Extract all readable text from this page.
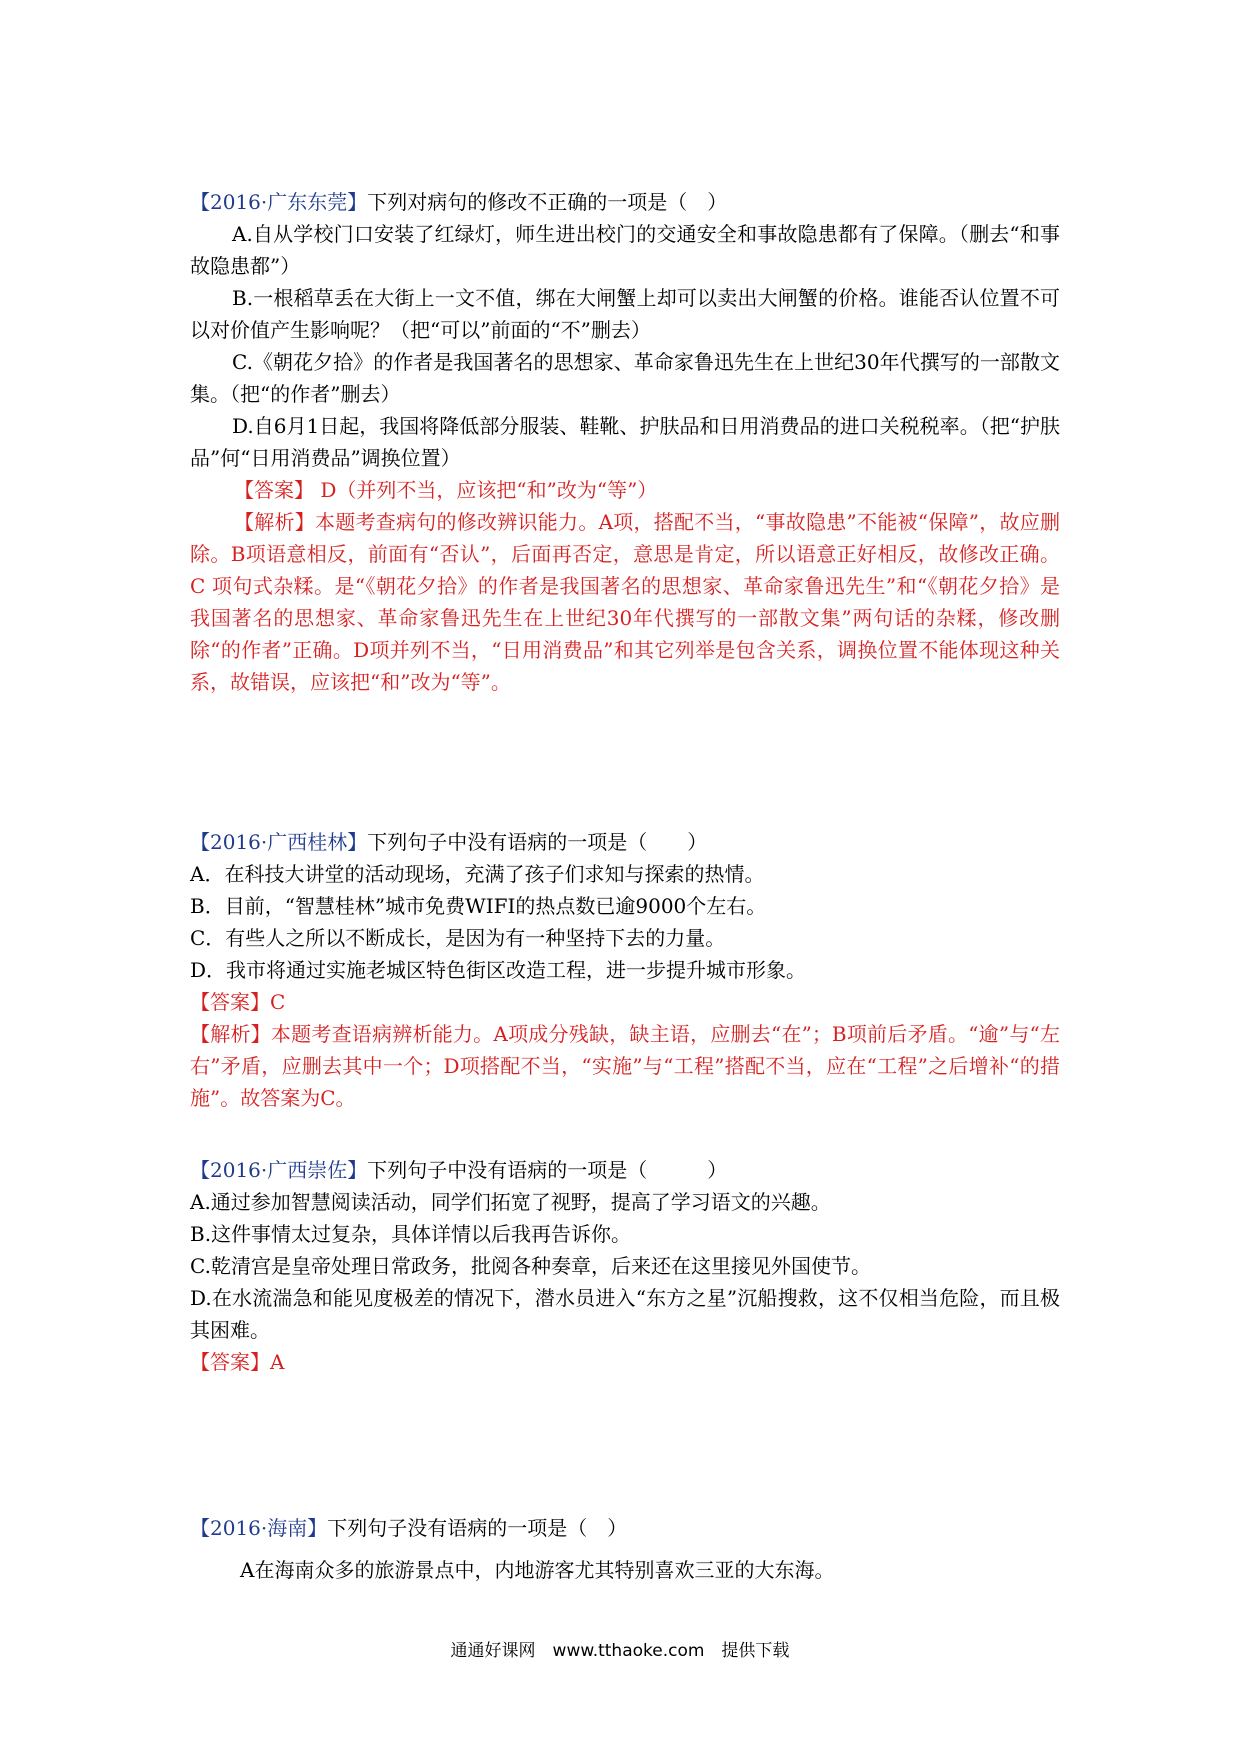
【2016·广东东莞】下列对病句的修改不正确的一项是（　）

A.自从学校门口安装了红绿灯，师生进出校门的交通安全和事故隐患都有了保障。（删去“和事故隐患都”）

B.一根稻草丢在大街上一文不值，绑在大闸蟹上却可以卖出大闸蟹的价格。谁能否认位置不可以对价值产生影响呢？（把“可以”前面的“不”删去）

C.《朝花夕拾》的作者是我国著名的思想家、革命家鲁迅先生在上世纪30年代撰写的一部散文集。（把“的作者”删去）

D.自6月1日起，我国将降低部分服装、鞋靴、护肤品和日用消费品的进口关税税率。（把“护肤品”何“日用消费品”调换位置）

【答案】 D（并列不当，应该把“和”改为“等”）

【解析】本题考查病句的修改辨识能力。A项，搭配不当，“事故隐患”不能被“保障”，故应删除。B项语意相反，前面有“否认”，后面再否定，意思是肯定，所以语意正好相反，故修改正确。C 项句式杂糅。是“《朝花夕拾》的作者是我国著名的思想家、革命家鲁迅先生”和“《朝花夕拾》是我国著名的思想家、革命家鲁迅先生在上世纪30年代撰写的一部散文集”两句话的杂糅，修改删除“的作者”正确。D项并列不当，“日用消费品”和其它列举是包含关系，调换位置不能体现这种关系，故错误，应该把“和”改为“等”。

【2016·广西桂林】下列句子中没有语病的一项是（　　）

A．在科技大讲堂的活动现场，充满了孩子们求知与探索的热情。

B．目前，“智慧桂林”城市免费WIFI的热点数已逾9000个左右。

C．有些人之所以不断成长，是因为有一种坚持下去的力量。

D．我市将通过实施老城区特色街区改造工程，进一步提升城市形象。

【答案】C

【解析】本题考查语病辨析能力。A项成分残缺，缺主语，应删去“在”；B项前后矛盾。“逾”与“左右”矛盾，应删去其中一个；D项搭配不当，“实施”与“工程”搭配不当，应在“工程”之后增补“的措施”。故答案为C。

【2016·广西崇佐】下列句子中没有语病的一项是（　　　）

A.通过参加智慧阅读活动，同学们拓宽了视野，提高了学习语文的兴趣。

B.这件事情太过复杂，具体详情以后我再告诉你。

C.乾清宫是皇帝处理日常政务，批阅各种奏章，后来还在这里接见外国使节。

D.在水流湍急和能见度极差的情况下，潜水员进入“东方之星”沉船搜救，这不仅相当危险，而且极其困难。

【答案】A

【2016·海南】下列句子没有语病的一项是（　）

A在海南众多的旅游景点中，内地游客尤其特别喜欢三亚的大东海。

通通好课网　www.tthaoke.com　提供下载
